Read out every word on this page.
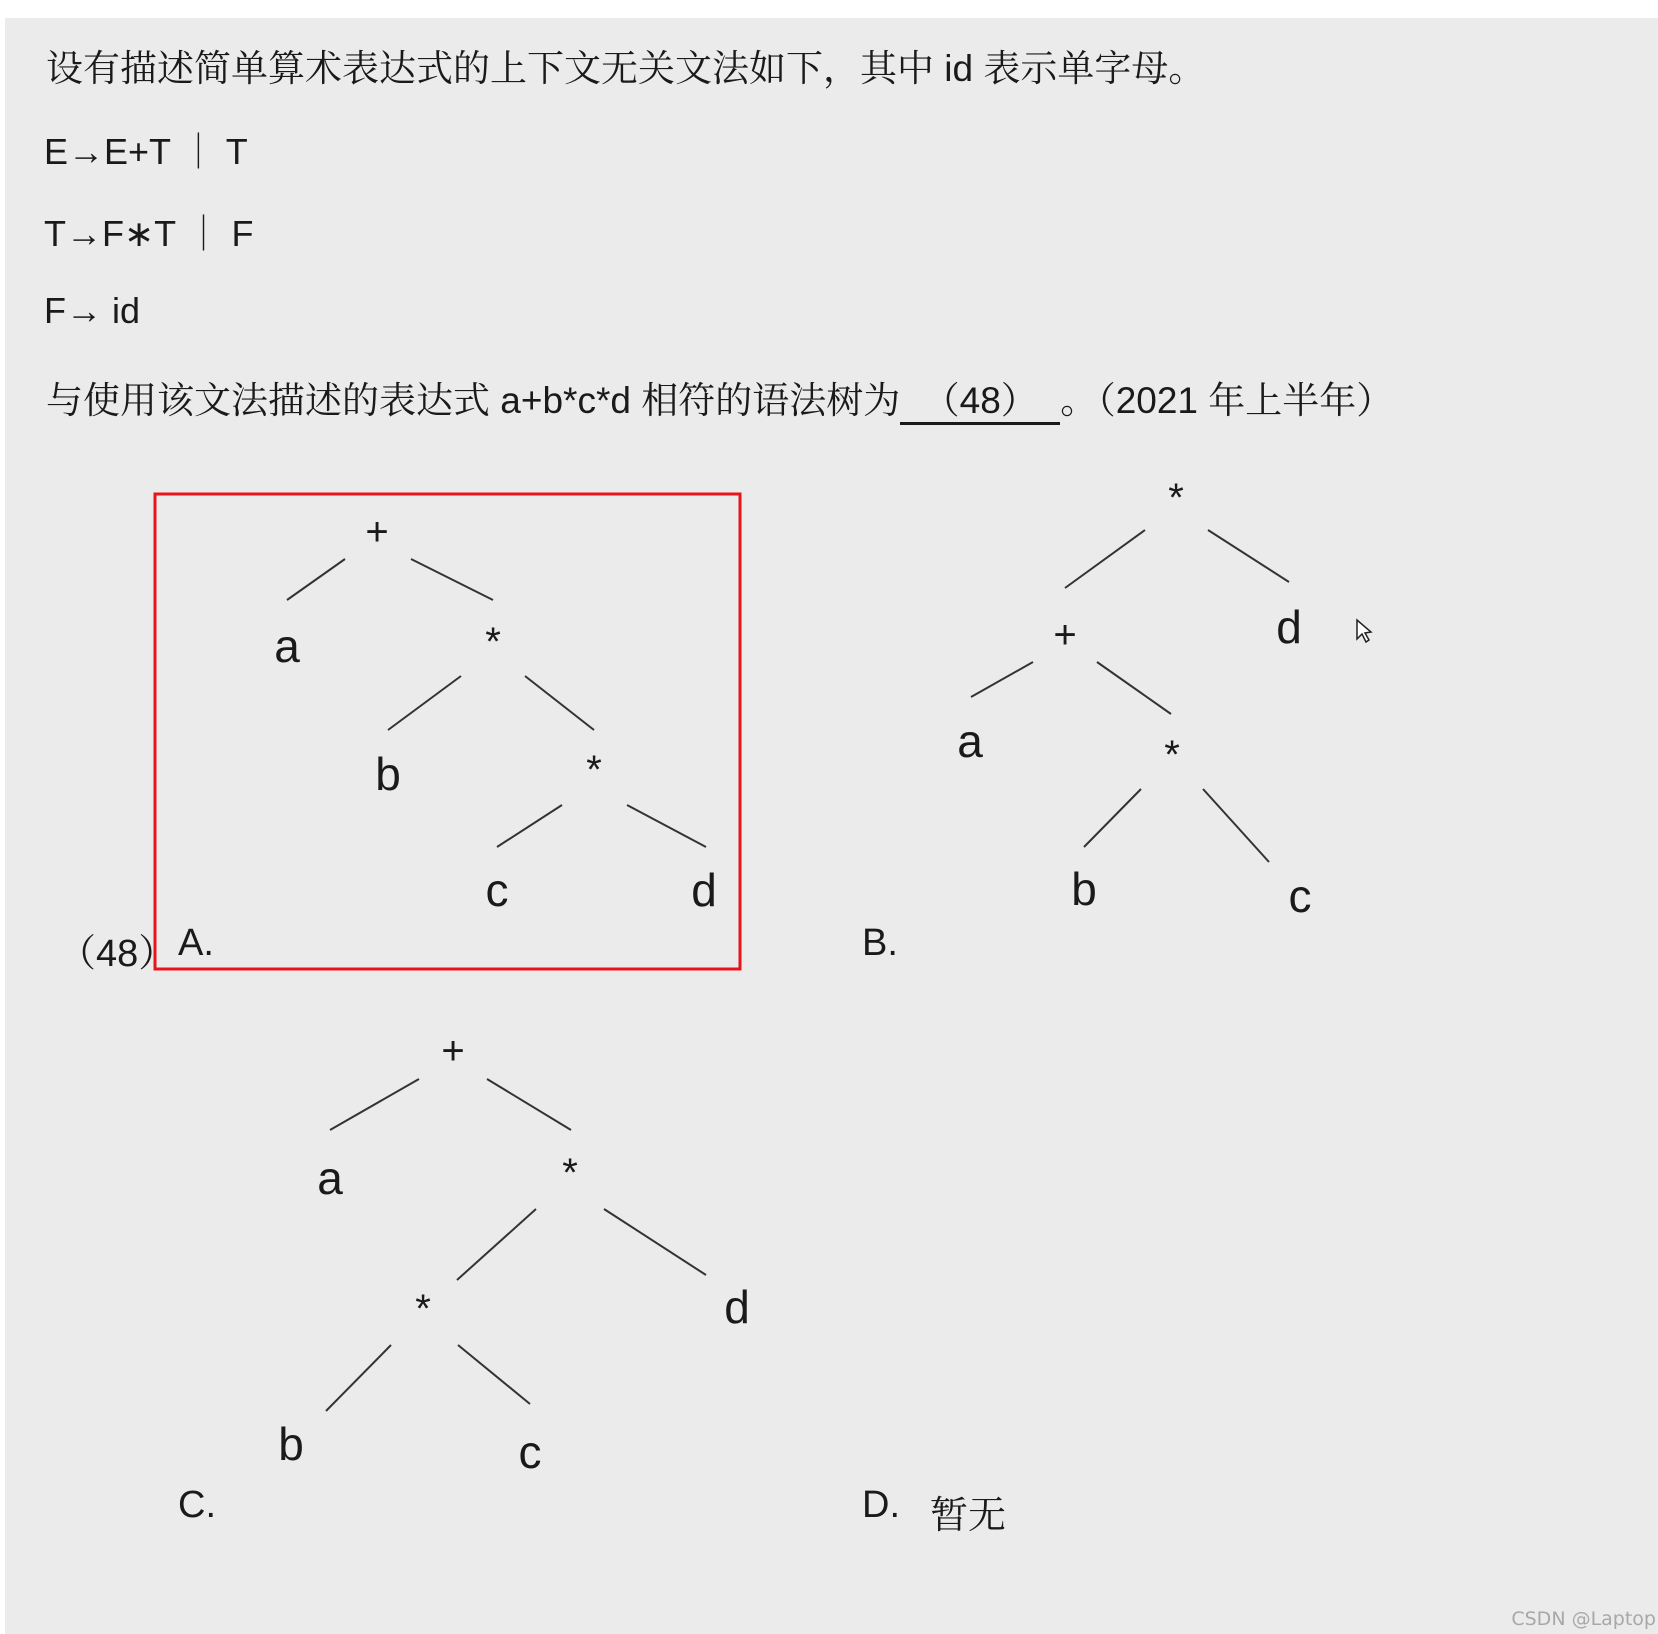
设有描述简单算术表达式的上下文无关文法如下，其中 id 表示单字母。

E→E+T ｜ T

T→F∗T ｜ F

F→ id

与使用该文法描述的表达式 a+b*c*d 相符的语法树为 （48） 。（2021 年上半年）

（48） A.	B.

C.	D. 暂无

+
a	*
b	*
c	d
*
d
+
a	*
b	c
+
a	*
d
*
b	c
CSDN @Laptop
